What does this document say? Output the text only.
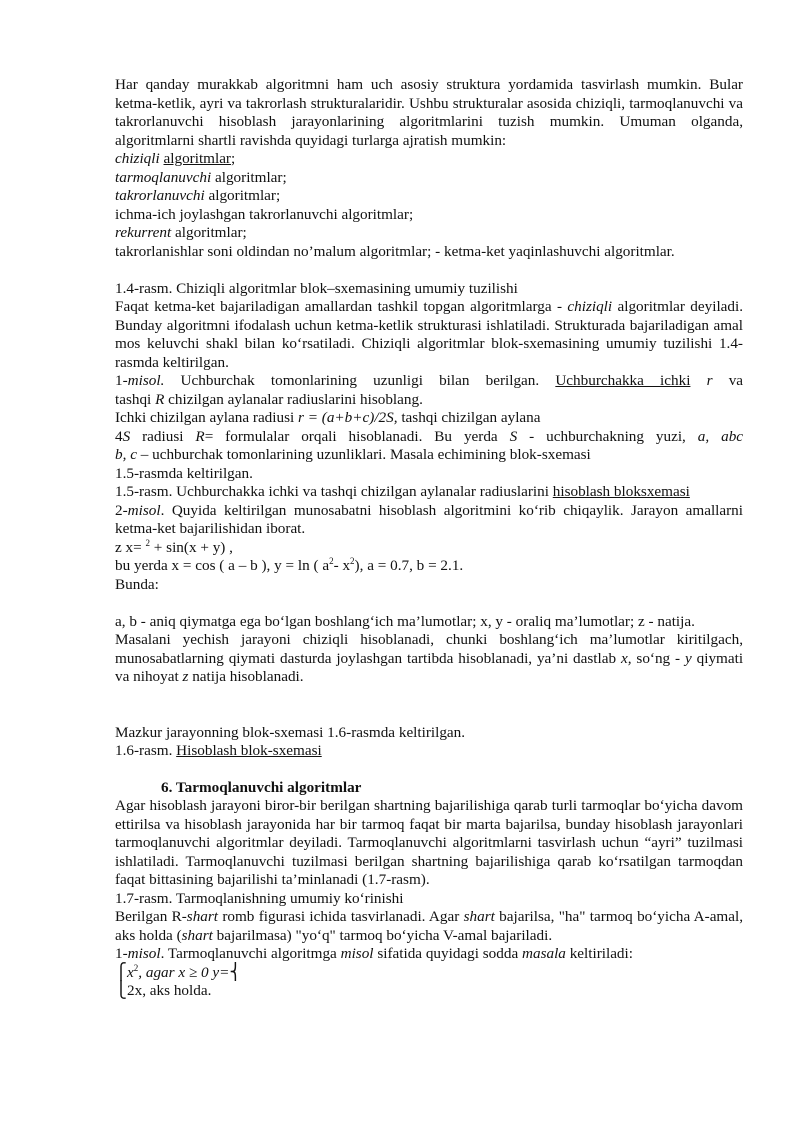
Har qanday murakkab algoritmni ham uch asosiy struktura yordamida tasvirlash mumkin. Bular ketma-ketlik, ayri va takrorlash strukturalaridir. Ushbu strukturalar asosida chiziqli, tarmoqlanuvchi va takrorlanuvchi hisoblash jarayonlarining algoritmlarini tuzish mumkin. Umuman olganda, algoritmlarni shartli ravishda quyidagi turlarga ajratish mumkin:

chiziqli algoritmlar;

tarmoqlanuvchi algoritmlar;

takrorlanuvchi algoritmlar;

ichma-ich joylashgan takrorlanuvchi algoritmlar;

rekurrent algoritmlar;

takrorlanishlar soni oldindan no’malum algoritmlar; - ketma-ket yaqinlashuvchi algoritmlar.

1.4-rasm. Chiziqli algoritmlar blok–sxemasining umumiy tuzilishi

Faqat ketma-ket bajariladigan amallardan tashkil topgan algoritmlarga - chiziqli algoritmlar deyiladi. Bunday algoritmni ifodalash uchun ketma-ketlik strukturasi ishlatiladi. Strukturada bajariladigan amal mos keluvchi shakl bilan ko‘rsatiladi. Chiziqli algoritmlar blok-sxemasining umumiy tuzilishi 1.4-rasmda keltirilgan.

1-misol. Uchburchak tomonlarining uzunligi bilan berilgan. Uchburchakka ichki r va

tashqi R chizilgan aylanalar radiuslarini hisoblang.

Ichki chizilgan aylana radiusi r = (a+b+c)/2S, tashqi chizilgan aylana

4S radiusi R= formulalar orqali hisoblanadi. Bu yerda S - uchburchakning yuzi, a, abc

b, c – uchburchak tomonlarining uzunliklari. Masala echimining blok-sxemasi

1.5-rasmda keltirilgan.

1.5-rasm. Uchburchakka ichki va tashqi chizilgan aylanalar radiuslarini hisoblash bloksxemasi

2-misol. Quyida keltirilgan munosabatni hisoblash algoritmini ko‘rib chiqaylik. Jarayon amallarni ketma-ket bajarilishidan iborat.

z x= $^2$ + sin(x + y) ,

bu yerda x = cos ( a – b ), y = ln ( $a^2-$ $x^2$), a = 0.7, b = 2.1.

Bunda:

a, b - aniq qiymatga ega bo‘lgan boshlang‘ich ma’lumotlar; x, y - oraliq ma’lumotlar; z - natija.

Masalani yechish jarayoni chiziqli hisoblanadi, chunki boshlang‘ich ma’lumotlar kiritilgach, munosabatlarning qiymati dasturda joylashgan tartibda hisoblanadi, ya’ni dastlab x, so‘ng - y qiymati va nihoyat z natija hisoblanadi.

Mazkur jarayonning blok-sxemasi 1.6-rasmda keltirilgan.

1.6-rasm. Hisoblash blok-sxemasi

6. Tarmoqlanuvchi algoritmlar

Agar hisoblash jarayoni biror-bir berilgan shartning bajarilishiga qarab turli tarmoqlar bo‘yicha davom ettirilsa va hisoblash jarayonida har bir tarmoq faqat bir marta bajarilsa, bunday hisoblash jarayonlari tarmoqlanuvchi algoritmlar deyiladi. Tarmoqlanuvchi algoritmlarni tasvirlash uchun “ayri” tuzilmasi ishlatiladi. Tarmoqlanuvchi tuzilmasi berilgan shartning bajarilishiga qarab ko‘rsatilgan tarmoqdan faqat bittasining bajarilishi ta’minlanadi (1.7-rasm).

1.7-rasm. Tarmoqlanishning umumiy ko‘rinishi

Berilgan R-shart romb figurasi ichida tasvirlanadi. Agar shart bajarilsa, "ha" tarmoq bo‘yicha A-amal, aks holda (shart bajarilmasa) "yo‘q" tarmoq bo‘yicha V-amal bajariladi.

1-misol. Tarmoqlanuvchi algoritmga misol sifatida quyidagi sodda masala keltiriladi:

$⎧x^2$, agar x ≥ 0 y=⎨

⎩2x, aks holda.
